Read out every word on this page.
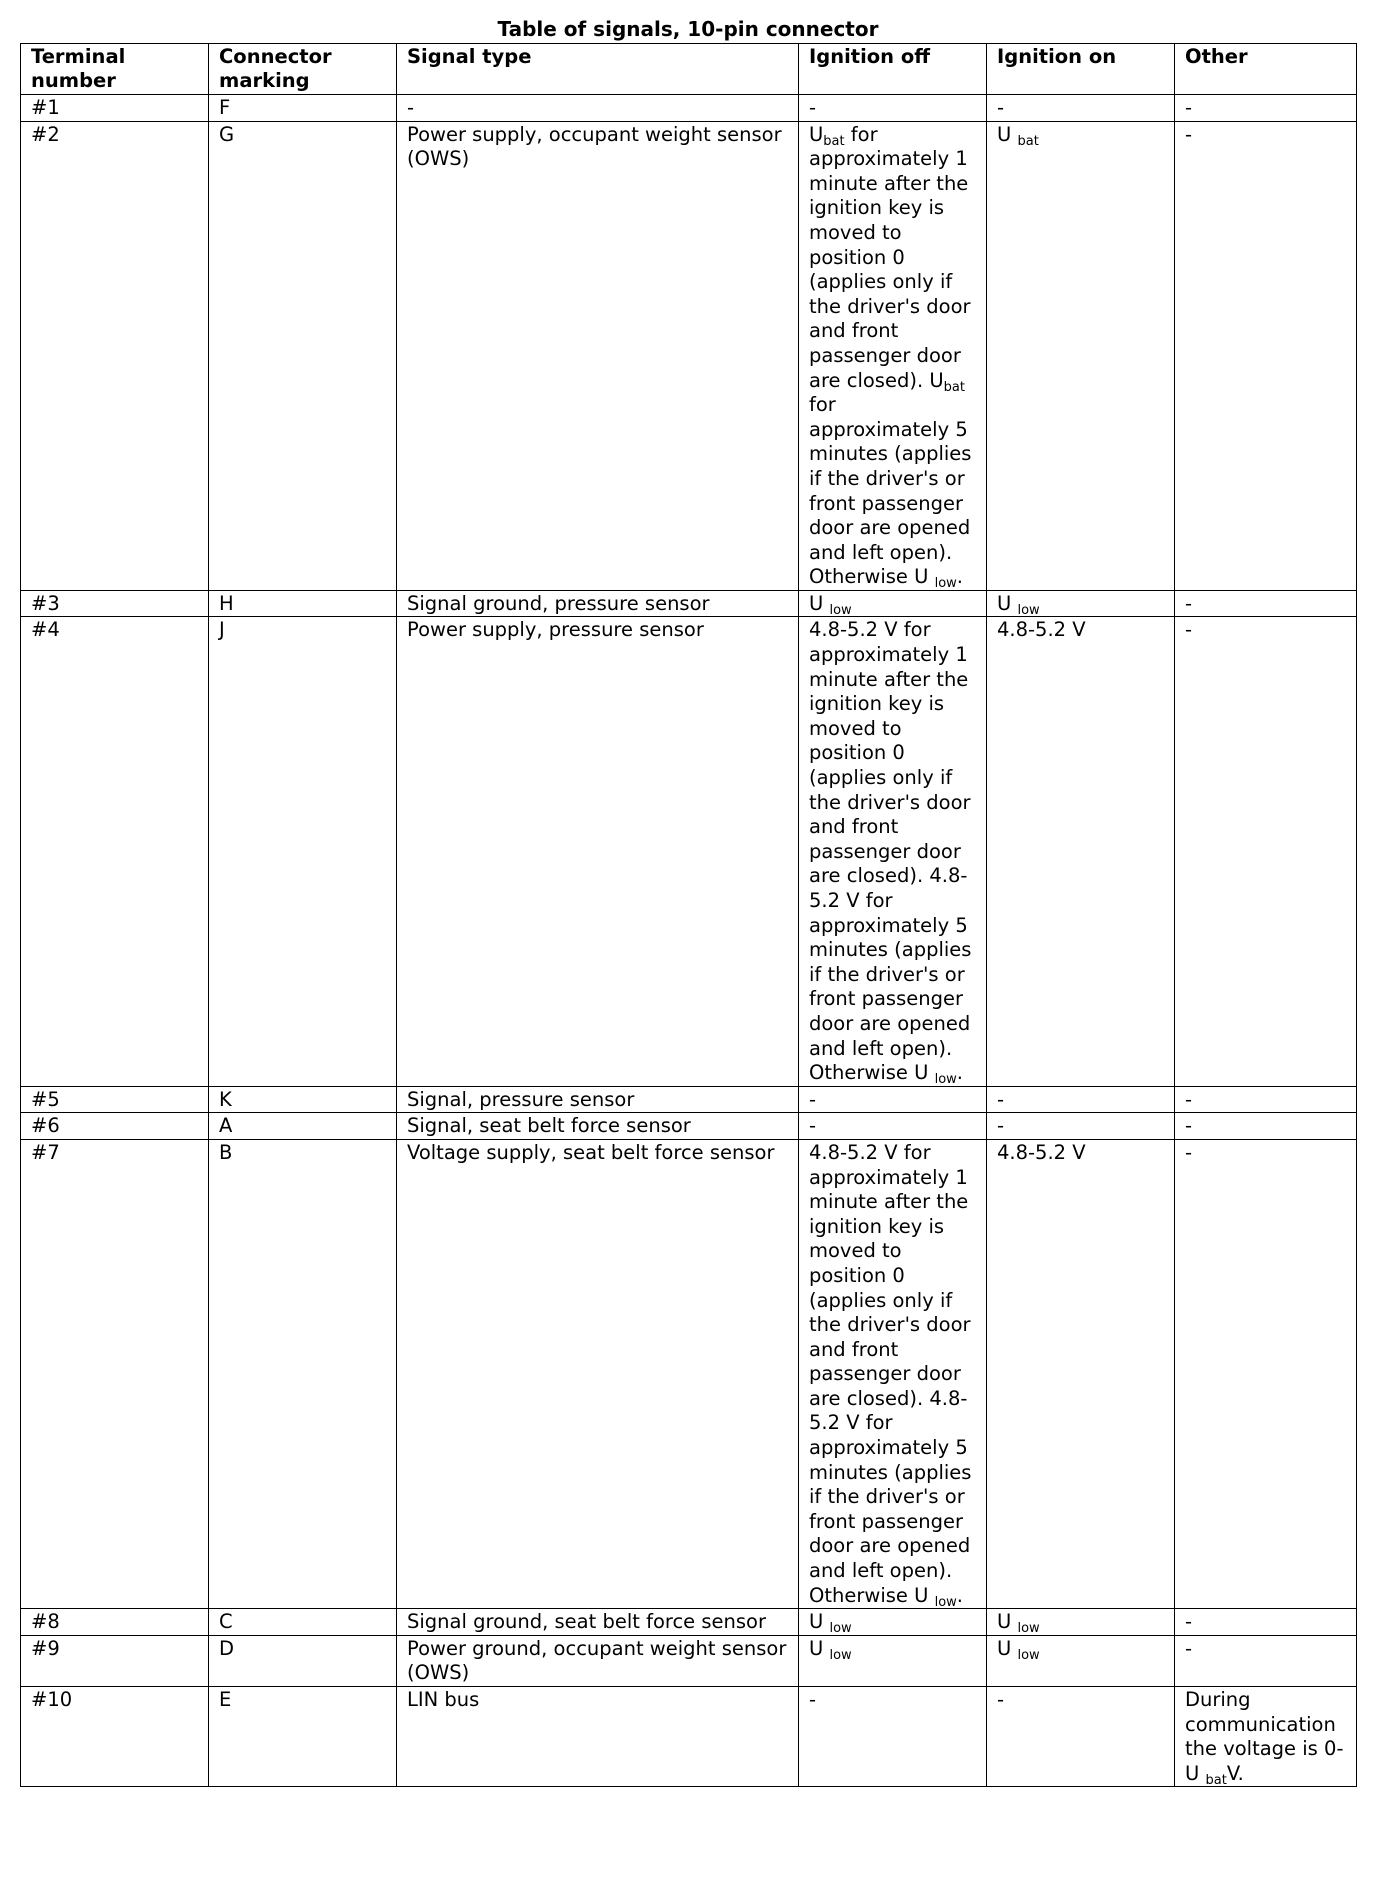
Table of signals, 10-pin connector
Terminal number	Connector marking	Signal type	Ignition off	Ignition on	Other
#1	F	-	-	-	-
#2	G	Power supply, occupant weight sensor (OWS)	$U_{bat}$ for approximately 1 minute after the ignition key is moved to position 0 (applies only if the driver's door and front passenger door are closed). $U_{bat}$ for approximately 5 minutes (applies if the driver's or front passenger door are opened and left open). Otherwise U $_{low}$.	U $_{bat}$	-
#3	H	Signal ground, pressure sensor	U $_{low}$	U $_{low}$	-
#4	J	Power supply, pressure sensor	4.8-5.2 V for approximately 1 minute after the ignition key is moved to position 0 (applies only if the driver's door and front passenger door are closed). 4.8-5.2 V for approximately 5 minutes (applies if the driver's or front passenger door are opened and left open). Otherwise U $_{low}$.	4.8-5.2 V	-
#5	K	Signal, pressure sensor	-	-	-
#6	A	Signal, seat belt force sensor	-	-	-
#7	B	Voltage supply, seat belt force sensor	4.8-5.2 V for approximately 1 minute after the ignition key is moved to position 0 (applies only if the driver's door and front passenger door are closed). 4.8-5.2 V for approximately 5 minutes (applies if the driver's or front passenger door are opened and left open). Otherwise U $_{low}$.	4.8-5.2 V	-
#8	C	Signal ground, seat belt force sensor	U $_{low}$	U $_{low}$	-
#9	D	Power ground, occupant weight sensor (OWS)	U $_{low}$	U $_{low}$	-
#10	E	LIN bus	-	-	During communication the voltage is 0-U $_{bat}$V.
